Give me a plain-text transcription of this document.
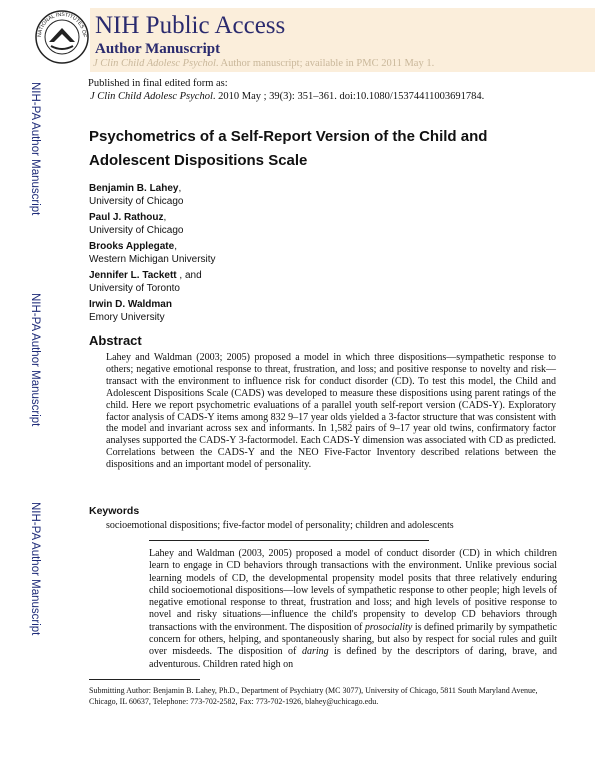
NATIONAL INSTITUTES OF NIH Public Access
Author Manuscript
J Clin Child Adolesc Psychol. Author manuscript; available in PMC 2011 May 1.
Published in final edited form as:
J Clin Child Adolesc Psychol. 2010 May ; 39(3): 351–361. doi:10.1080/15374411003691784.
NIH-PA Author Manuscript
NIH-PA Author Manuscript
NIH-PA Author Manuscript
Psychometrics of a Self-Report Version of the Child and Adolescent Dispositions Scale
Benjamin B. Lahey,
University of Chicago
Paul J. Rathouz,
University of Chicago
Brooks Applegate,
Western Michigan University
Jennifer L. Tackett , and
University of Toronto
Irwin D. Waldman
Emory University
Abstract
Lahey and Waldman (2003; 2005) proposed a model in which three dispositions—sympathetic response to others; negative emotional response to threat, frustration, and loss; and positive response to novelty and risk—transact with the environment to influence risk for conduct disorder (CD). To test this model, the Child and Adolescent Dispositions Scale (CADS) was developed to measure these dispositions using parent ratings of the child. Here we report psychometric evaluations of a parallel youth self-report version (CADS-Y). Exploratory factor analysis of CADS-Y items among 832 9–17 year olds yielded a 3-factor structure that was consistent with the model and invariant across sex and informants. In 1,582 pairs of 9–17 year old twins, confirmatory factor analyses supported the CADS-Y 3-factormodel. Each CADS-Y dimension was associated with CD as predicted. Correlations between the CADS-Y and the NEO Five-Factor Inventory described relations between the dispositions and an important model of personality.
Keywords
socioemotional dispositions; five-factor model of personality; children and adolescents
Lahey and Waldman (2003, 2005) proposed a model of conduct disorder (CD) in which children learn to engage in CD behaviors through transactions with the environment. Unlike previous social learning models of CD, the developmental propensity model posits that three relatively enduring child socioemotional dispositions—low levels of sympathetic response to other people; high levels of negative emotional response to threat, frustration and loss; and high levels of positive response to novel and risky situations—influence the child's propensity to develop CD behaviors through transactions with the environment. The disposition of prosociality is defined primarily by sympathetic concern for others, helping, and spontaneously sharing, but also by respect for social rules and guilt over misdeeds. The disposition of daring is defined by the descriptors of daring, brave, and adventurous. Children rated high on
Submitting Author: Benjamin B. Lahey, Ph.D., Department of Psychiatry (MC 3077), University of Chicago, 5811 South Maryland Avenue, Chicago, IL 60637, Telephone: 773-702-2582, Fax: 773-702-1926, blahey@uchicago.edu.
